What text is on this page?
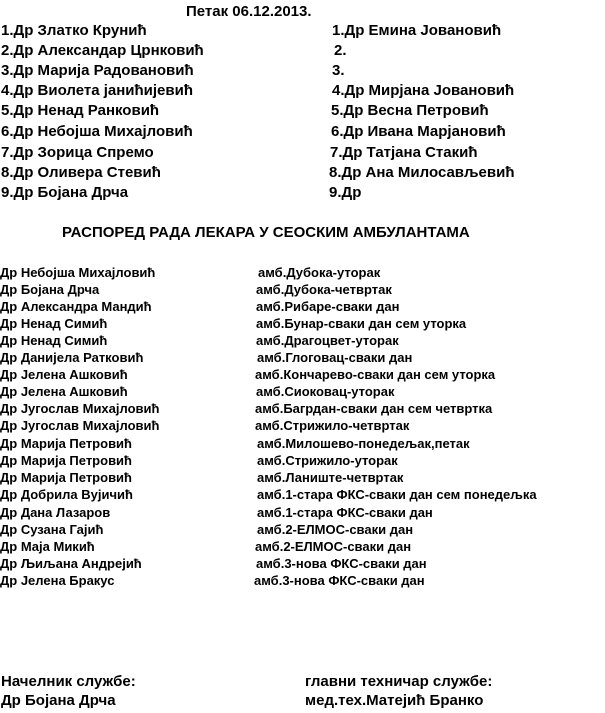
Петак 06.12.2013.
1.Др Златко Круниħ
2.Др Александар Црнковиħ
3.Др Марија Радовановиħ
4.Др Виолета јаниħијевиħ
5.Др Ненад Ранковиħ
6.Др Небојша Михаjловиħ
7.Др Зорица Спремо
8.Др Оливера Стевиħ
9.Др Бојана Дрча
1.Др Емина Јовановиħ
2.
3.
4.Др Мирјана Јовановиħ
5.Др Весна Петровиħ
6.Др Ивана Марјановиħ
7.Др Татјана Стакиħ
8.Др Ана Милосављевиħ
9.Др
РАСПОРЕД РАДА ЛЕКАРА У СЕОСКИМ АМБУЛАНТАМА
Др Небојша Михајловиħ	амб.Дубока-уторак
Др Бојана Дрча	амб.Дубока-четвртак
Др Александра Мандиħ	амб.Рибаре-сваки дан
Др Ненад Симиħ	амб.Бунар-сваки дан сем уторка
Др Ненад Симиħ	амб.Драгоцвет-уторак
Др Данијела Ратковиħ	амб.Глоговац-сваки дан
Др Јелена Ашковиħ	амб.Кончарево-сваки дан сем уторка
Др Јелена Ашковиħ	амб.Сиоковац-уторак
Др Југослав Михајловиħ	амб.Багрдан-сваки дан сем четвртка
Др Југослав Михајловиħ	амб.Стрижило-четвртак
Др Марија Петровиħ	амб.Милошево-понедељак,петак
Др Марија Петровиħ	амб.Стрижило-уторак
Др Марија Петровиħ	амб.Ланиште-четвртак
Др Добрила Вујичиħ	амб.1-стара ФКС-сваки дан сем понедељка
Др Дана Лазаров	амб.1-стара ФКС-сваки дан
Др Сузана Гајиħ	амб.2-ЕЛМОС-сваки дан
Др Маја Микиħ	амб.2-ЕЛМОС-сваки дан
Др Љиљана Андрејиħ	амб.3-нова ФКС-сваки дан
Др Јелена Бракус	амб.3-нова ФКС-сваки дан
Начелник службе:
Др Бојана Дрча
главни техничар службе:
мед.тех.Матејиħ Бранко
